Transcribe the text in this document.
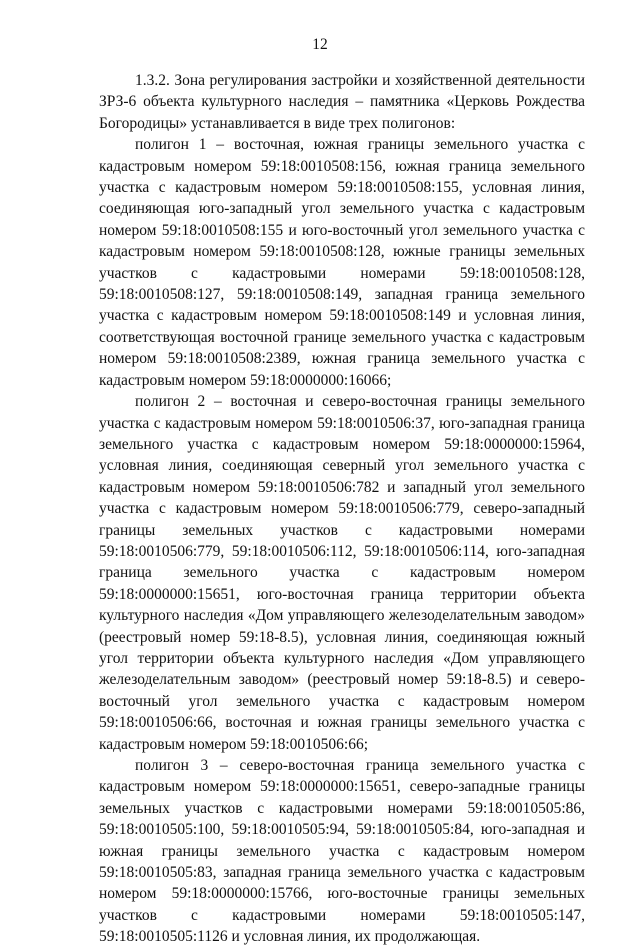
12

1.3.2. Зона регулирования застройки и хозяйственной деятельности ЗРЗ-6 объекта культурного наследия – памятника «Церковь Рождества Богородицы» устанавливается в виде трех полигонов:

полигон 1 – восточная, южная границы земельного участка с кадастровым номером 59:18:0010508:156, южная граница земельного участка с кадастровым номером 59:18:0010508:155, условная линия, соединяющая юго-западный угол земельного участка с кадастровым номером 59:18:0010508:155 и юго-восточный угол земельного участка с кадастровым номером 59:18:0010508:128, южные границы земельных участков с кадастровыми номерами 59:18:0010508:128, 59:18:0010508:127, 59:18:0010508:149, западная граница земельного участка с кадастровым номером 59:18:0010508:149 и условная линия, соответствующая восточной границе земельного участка с кадастровым номером 59:18:0010508:2389, южная граница земельного участка с кадастровым номером 59:18:0000000:16066;

полигон 2 – восточная и северо-восточная границы земельного участка с кадастровым номером 59:18:0010506:37, юго-западная граница земельного участка с кадастровым номером 59:18:0000000:15964, условная линия, соединяющая северный угол земельного участка с кадастровым номером 59:18:0010506:782 и западный угол земельного участка с кадастровым номером 59:18:0010506:779, северо-западный границы земельных участков с кадастровыми номерами 59:18:0010506:779, 59:18:0010506:112, 59:18:0010506:114, юго-западная граница земельного участка с кадастровым номером 59:18:0000000:15651, юго-восточная граница территории объекта культурного наследия «Дом управляющего железоделательным заводом» (реестровый номер 59:18-8.5), условная линия, соединяющая южный угол территории объекта культурного наследия «Дом управляющего железоделательным заводом» (реестровый номер 59:18-8.5) и северо-восточный угол земельного участка с кадастровым номером 59:18:0010506:66, восточная и южная границы земельного участка с кадастровым номером 59:18:0010506:66;

полигон 3 – северо-восточная граница земельного участка с кадастровым номером 59:18:0000000:15651, северо-западные границы земельных участков с кадастровыми номерами 59:18:0010505:86, 59:18:0010505:100, 59:18:0010505:94, 59:18:0010505:84, юго-западная и южная границы земельного участка с кадастровым номером 59:18:0010505:83, западная граница земельного участка с кадастровым номером 59:18:0000000:15766, юго-восточные границы земельных участков с кадастровыми номерами 59:18:0010505:147, 59:18:0010505:1126 и условная линия, их продолжающая.
